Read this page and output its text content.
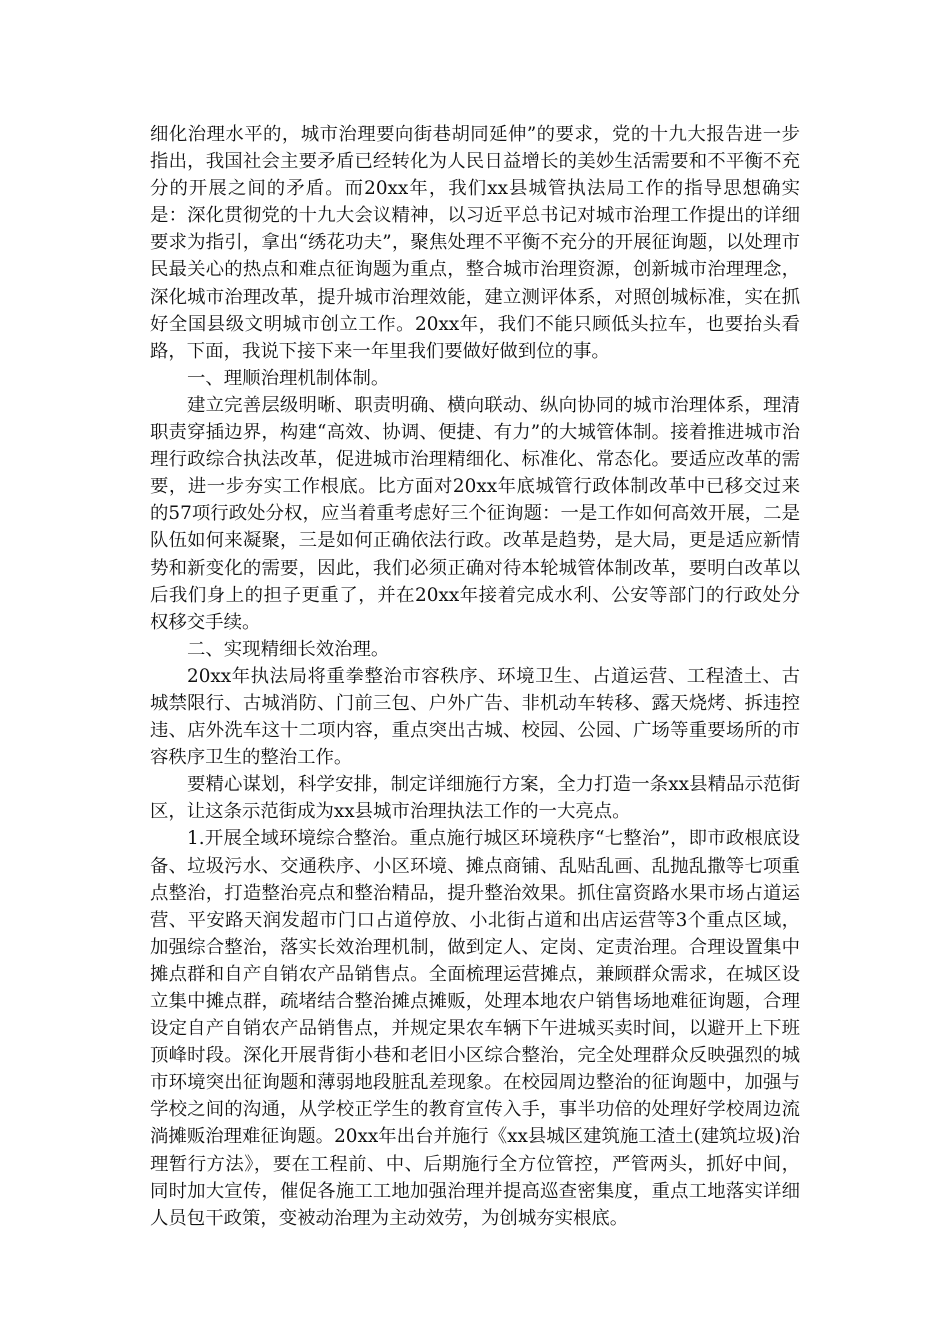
细化治理水平的，城市治理要向街巷胡同延伸”的要求，党的十九大报告进一步指出，我国社会主要矛盾已经转化为人民日益增长的美妙生活需要和不平衡不充分的开展之间的矛盾。而20xx年，我们xx县城管执法局工作的指导思想确实是：深化贯彻党的十九大会议精神，以习近平总书记对城市治理工作提出的详细要求为指引，拿出“绣花功夫”，聚焦处理不平衡不充分的开展征询题，以处理市民最关心的热点和难点征询题为重点，整合城市治理资源，创新城市治理理念，深化城市治理改革，提升城市治理效能，建立测评体系，对照创城标准，实在抓好全国县级文明城市创立工作。20xx年，我们不能只顾低头拉车，也要抬头看路，下面，我说下接下来一年里我们要做好做到位的事。

一、理顺治理机制体制。

建立完善层级明晰、职责明确、横向联动、纵向协同的城市治理体系，理清职责穿插边界，构建“高效、协调、便捷、有力”的大城管体制。接着推进城市治理行政综合执法改革，促进城市治理精细化、标准化、常态化。要适应改革的需要，进一步夯实工作根底。比方面对20xx年底城管行政体制改革中已移交过来的57项行政处分权，应当着重考虑好三个征询题：一是工作如何高效开展，二是队伍如何来凝聚，三是如何正确依法行政。改革是趋势，是大局，更是适应新情势和新变化的需要，因此，我们必须正确对待本轮城管体制改革，要明白改革以后我们身上的担子更重了，并在20xx年接着完成水利、公安等部门的行政处分权移交手续。

二、实现精细长效治理。

20xx年执法局将重拳整治市容秩序、环境卫生、占道运营、工程渣土、古城禁限行、古城消防、门前三包、户外广告、非机动车转移、露天烧烤、拆违控违、店外洗车这十二项内容，重点突出古城、校园、公园、广场等重要场所的市容秩序卫生的整治工作。

要精心谋划，科学安排，制定详细施行方案，全力打造一条xx县精品示范街区，让这条示范街成为xx县城市治理执法工作的一大亮点。

1.开展全域环境综合整治。重点施行城区环境秩序“七整治”，即市政根底设备、垃圾污水、交通秩序、小区环境、摊点商铺、乱贴乱画、乱抛乱撒等七项重点整治，打造整治亮点和整治精品，提升整治效果。抓住富资路水果市场占道运营、平安路天润发超市门口占道停放、小北街占道和出店运营等3个重点区域，加强综合整治，落实长效治理机制，做到定人、定岗、定责治理。合理设置集中摊点群和自产自销农产品销售点。全面梳理运营摊点，兼顾群众需求，在城区设立集中摊点群，疏堵结合整治摊点摊贩，处理本地农户销售场地难征询题，合理设定自产自销农产品销售点，并规定果农车辆下午进城买卖时间，以避开上下班顶峰时段。深化开展背街小巷和老旧小区综合整治，完全处理群众反映强烈的城市环境突出征询题和薄弱地段脏乱差现象。在校园周边整治的征询题中，加强与学校之间的沟通，从学校正学生的教育宣传入手，事半功倍的处理好学校周边流淌摊贩治理难征询题。20xx年出台并施行《xx县城区建筑施工渣土(建筑垃圾)治理暂行方法》，要在工程前、中、后期施行全方位管控，严管两头，抓好中间，同时加大宣传，催促各施工工地加强治理并提高巡查密集度，重点工地落实详细人员包干政策，变被动治理为主动效劳，为创城夯实根底。
